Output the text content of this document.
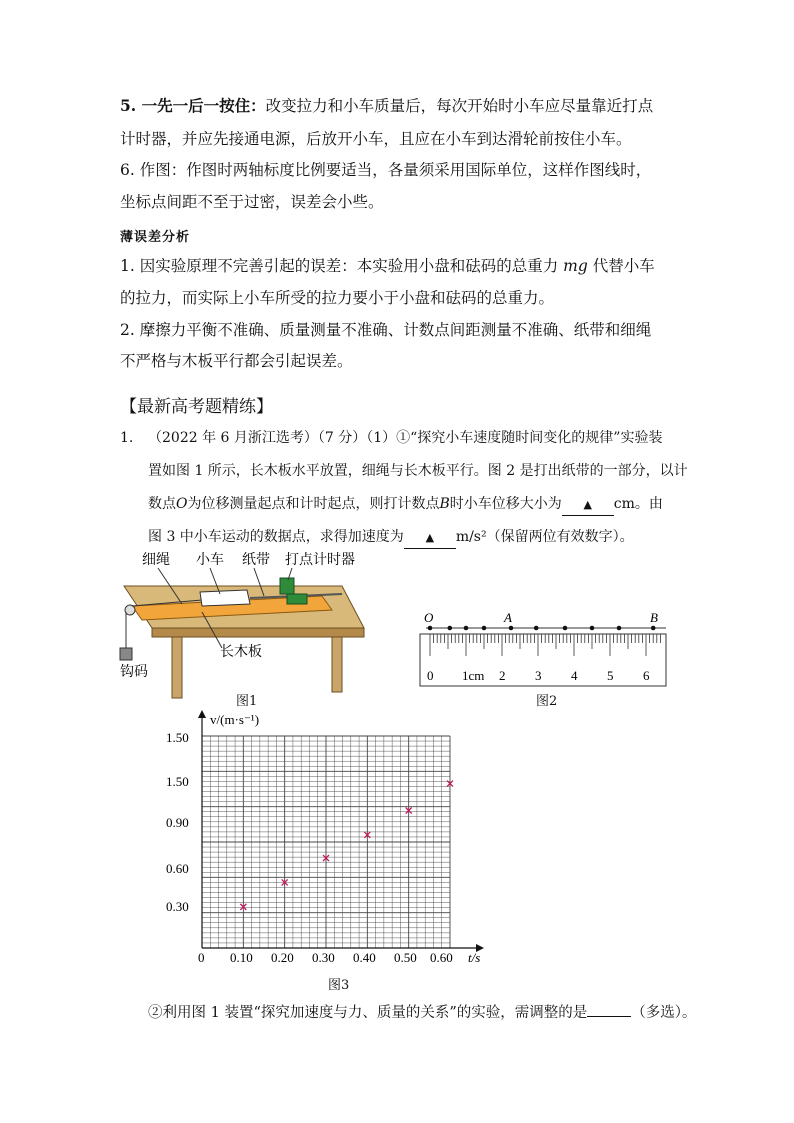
5. 一先一后一按住：改变拉力和小车质量后，每次开始时小车应尽量靠近打点
计时器，并应先接通电源，后放开小车，且应在小车到达滑轮前按住小车。
6. 作图：作图时两轴标度比例要适当，各量须采用国际单位，这样作图线时，
坐标点间距不至于过密，误差会小些。
薄误差分析
1. 因实验原理不完善引起的误差：本实验用小盘和砝码的总重力 mg 代替小车
的拉力，而实际上小车所受的拉力要小于小盘和砝码的总重力。
2. 摩擦力平衡不准确、质量测量不准确、计数点间距测量不准确、纸带和细绳
不严格与木板平行都会引起误差。
【最新高考题精练】
1. （2022 年 6 月浙江选考）（7 分）（1）①“探究小车速度随时间变化的规律”实验装
置如图 1 所示，长木板水平放置，细绳与长木板平行。图 2 是打出纸带的一部分，以计
数点O为位移测量起点和计时起点，则打计数点B时小车位移大小为 ▲ cm。由
图 3 中小车运动的数据点，求得加速度为 ▲ m/s²（保留两位有效数字）。
细绳 小车 纸带 打点计时器
长木板
钩码
图1
O	A	B
0 1cm 2 3 4 5 6
图2
v/(m·s⁻¹)
t/s
0 0.10 0.20 0.30 0.40 0.50 0.60
0.30
0.60
0.90
1.50
1.50
图3
②利用图 1 装置“探究加速度与力、质量的关系”的实验，需调整的是	（多选）。
